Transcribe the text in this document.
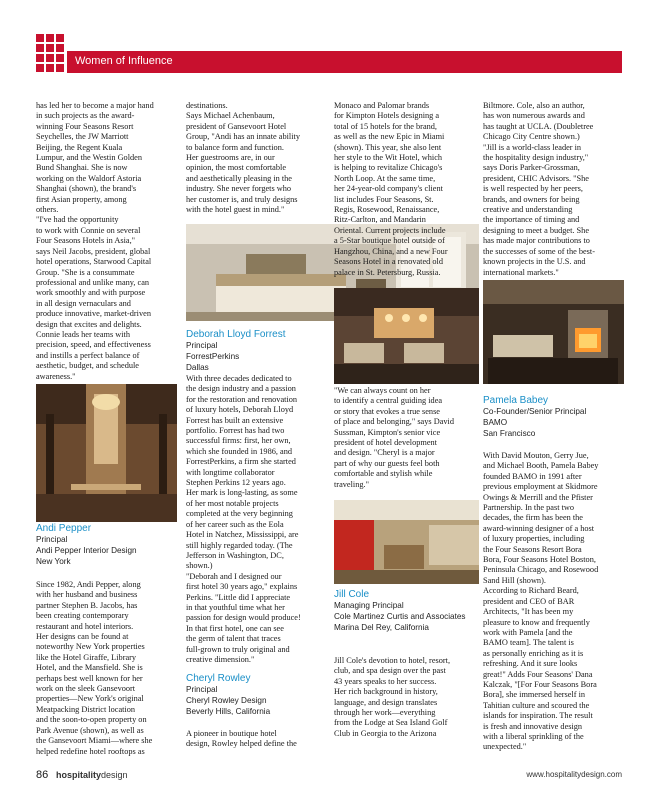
Women of Influence

has led her to become a major hand
in such projects as the award-
winning Four Seasons Resort
Seychelles, the JW Marriott
Beijing, the Regent Kuala
Lumpur, and the Westin Golden
Bund Shanghai. She is now
working on the Waldorf Astoria
Shanghai (shown), the brand's
first Asian property, among
others.
"I've had the opportunity
to work with Connie on several
Four Seasons Hotels in Asia,"
says Neil Jacobs, president, global
hotel operations, Starwood Capital
Group. "She is a consummate
professional and unlike many, can
work smoothly and with purpose
in all design vernaculars and
produce innovative, market-driven
design that excites and delights.
Connie leads her teams with
precision, speed, and effectiveness
and instills a perfect balance of
aesthetic, budget, and schedule
awareness."

Andi Pepper

Principal

Andi Pepper Interior Design

New York

Since 1982, Andi Pepper, along
with her husband and business
partner Stephen B. Jacobs, has
been creating contemporary
restaurant and hotel interiors.
Her designs can be found at
noteworthy New York properties
like the Hotel Giraffe, Library
Hotel, and the Mansfield. She is
perhaps best well known for her
work on the sleek Gansevoort
properties—New York's original
Meatpacking District location
and the soon-to-open property on
Park Avenue (shown), as well as
the Gansevoort Miami—where she
helped redefine hotel rooftops as

destinations.
Says Michael Achenbaum,
president of Gansevoort Hotel
Group, "Andi has an innate ability
to balance form and function.
Her guestrooms are, in our
opinion, the most comfortable
and aesthetically pleasing in the
industry. She never forgets who
her customer is, and truly designs
with the hotel guest in mind."

Deborah Lloyd Forrest

Principal

ForrestPerkins

Dallas

With three decades dedicated to
the design industry and a passion
for the restoration and renovation
of luxury hotels, Deborah Lloyd
Forrest has built an extensive
portfolio. Forrest has had two
successful firms: first, her own,
which she founded in 1986, and
ForrestPerkins, a firm she started
with longtime collaborator
Stephen Perkins 12 years ago.
Her mark is long-lasting, as some
of her most notable projects
completed at the very beginning
of her career such as the Eola
Hotel in Natchez, Mississippi, are
still highly regarded today. (The
Jefferson in Washington, DC,
shown.)
"Deborah and I designed our
first hotel 30 years ago," explains
Perkins. "Little did I appreciate
in that youthful time what her
passion for design would produce!
In that first hotel, one can see
the germ of talent that traces
full-grown to truly original and
creative dimension."

Cheryl Rowley

Principal

Cheryl Rowley Design

Beverly Hills, California

A pioneer in boutique hotel
design, Rowley helped define the

Monaco and Palomar brands
for Kimpton Hotels designing a
total of 15 hotels for the brand,
as well as the new Epic in Miami
(shown). This year, she also lent
her style to the Wit Hotel, which
is helping to revitalize Chicago's
North Loop. At the same time,
her 24-year-old company's client
list includes Four Seasons, St.
Regis, Rosewood, Renaissance,
Ritz-Carlton, and Mandarin
Oriental. Current projects include
a 5-Star boutique hotel outside of
Hangzhou, China, and a new Four
Seasons Hotel in a renovated old
palace in St. Petersburg, Russia.

"We can always count on her
to identify a central guiding idea
or story that evokes a true sense
of place and belonging," says David
Sussman, Kimpton's senior vice
president of hotel development
and design. "Cheryl is a major
part of why our guests feel both
comfortable and stylish while
traveling."

Jill Cole

Managing Principal

Cole Martinez Curtis and Associates

Marina Del Rey, California

Jill Cole's devotion to hotel, resort,
club, and spa design over the past
43 years speaks to her success.
Her rich background in history,
language, and design translates
through her work—everything
from the Lodge at Sea Island Golf
Club in Georgia to the Arizona

Biltmore. Cole, also an author,
has won numerous awards and
has taught at UCLA. (Doubletree
Chicago City Centre shown.)
"Jill is a world-class leader in
the hospitality design industry,"
says Doris Parker-Grossman,
president, CHIC Advisors. "She
is well respected by her peers,
brands, and owners for being
creative and understanding
the importance of timing and
designing to meet a budget. She
has made major contributions to
the successes of some of the best-
known projects in the U.S. and
international markets."

Pamela Babey

Co-Founder/Senior Principal

BAMO

San Francisco

With David Mouton, Gerry Jue,
and Michael Booth, Pamela Babey
founded BAMO in 1991 after
previous employment at Skidmore
Owings & Merrill and the Pfister
Partnership. In the past two
decades, the firm has been the
award-winning designer of a host
of luxury properties, including
the Four Seasons Resort Bora
Bora, Four Seasons Hotel Boston,
Peninsula Chicago, and Rosewood
Sand Hill (shown).
According to Richard Beard,
president and CEO of BAR
Architects, "It has been my
pleasure to know and frequently
work with Pamela [and the
BAMO team]. The talent is
as personally enriching as it is
refreshing. And it sure looks
great!" Adds Four Seasons' Dana
Kalczak, "[For Four Seasons Bora
Bora], she immersed herself in
Tahitian culture and scoured the
islands for inspiration. The result
is fresh and innovative design
with a liberal sprinkling of the
unexpected."

86 hospitalitydesign	www.hospitalitydesign.com
